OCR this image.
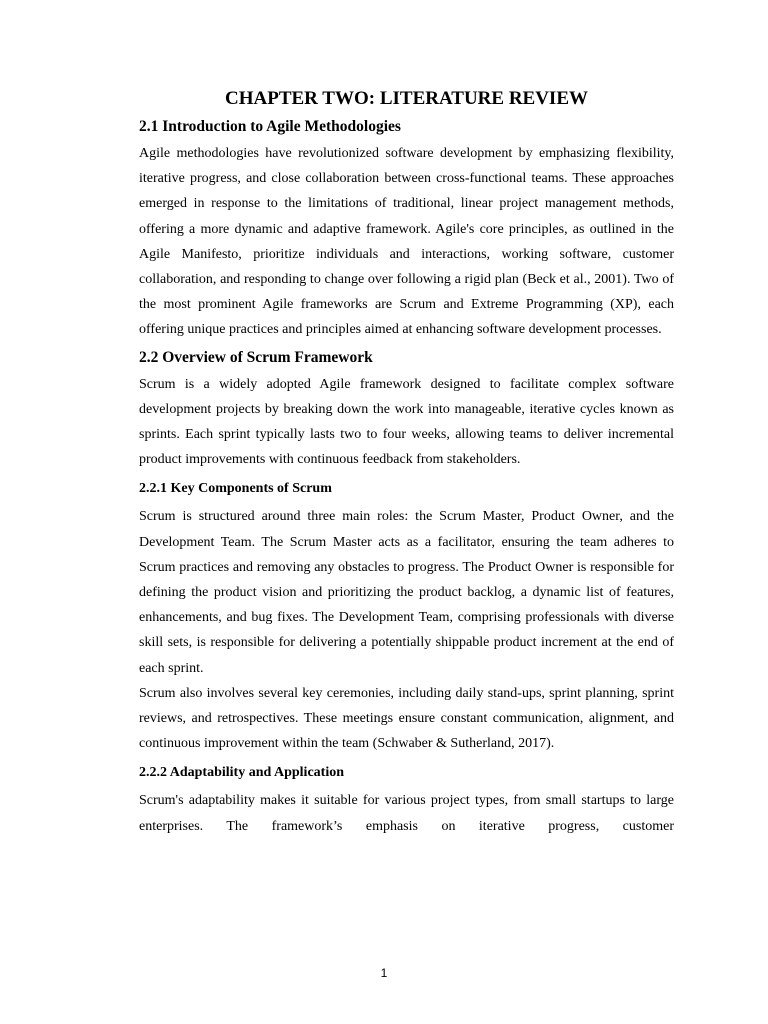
CHAPTER TWO: LITERATURE REVIEW
2.1 Introduction to Agile Methodologies

Agile methodologies have revolutionized software development by emphasizing flexibility, iterative progress, and close collaboration between cross-functional teams. These approaches emerged in response to the limitations of traditional, linear project management methods, offering a more dynamic and adaptive framework. Agile's core principles, as outlined in the Agile Manifesto, prioritize individuals and interactions, working software, customer collaboration, and responding to change over following a rigid plan (Beck et al., 2001). Two of the most prominent Agile frameworks are Scrum and Extreme Programming (XP), each offering unique practices and principles aimed at enhancing software development processes.

2.2 Overview of Scrum Framework

Scrum is a widely adopted Agile framework designed to facilitate complex software development projects by breaking down the work into manageable, iterative cycles known as sprints. Each sprint typically lasts two to four weeks, allowing teams to deliver incremental product improvements with continuous feedback from stakeholders.

2.2.1 Key Components of Scrum

Scrum is structured around three main roles: the Scrum Master, Product Owner, and the Development Team. The Scrum Master acts as a facilitator, ensuring the team adheres to Scrum practices and removing any obstacles to progress. The Product Owner is responsible for defining the product vision and prioritizing the product backlog, a dynamic list of features, enhancements, and bug fixes. The Development Team, comprising professionals with diverse skill sets, is responsible for delivering a potentially shippable product increment at the end of each sprint.

Scrum also involves several key ceremonies, including daily stand-ups, sprint planning, sprint reviews, and retrospectives. These meetings ensure constant communication, alignment, and continuous improvement within the team (Schwaber & Sutherland, 2017).

2.2.2 Adaptability and Application

Scrum's adaptability makes it suitable for various project types, from small startups to large enterprises. The framework’s emphasis on iterative progress, customer

1
